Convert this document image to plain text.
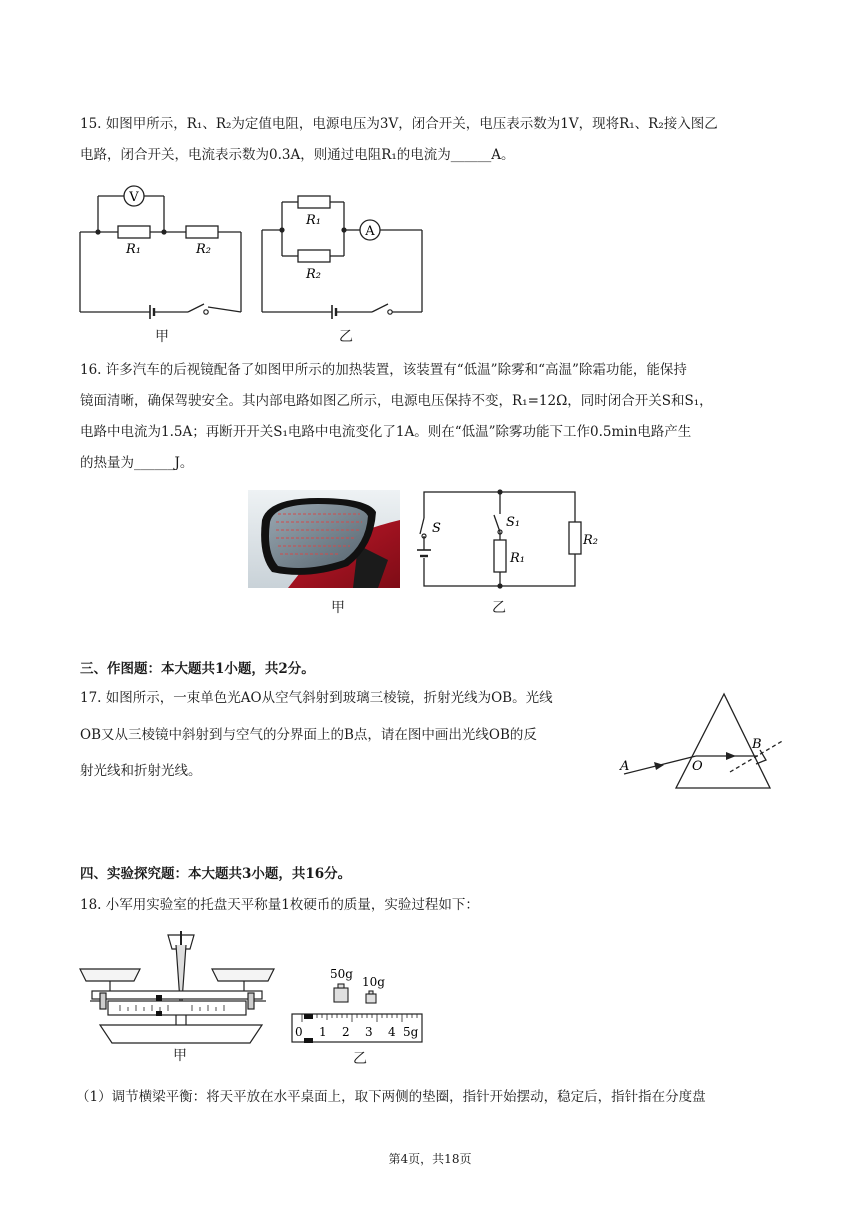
15. 如图甲所示，R₁、R₂为定值电阻，电源电压为3V，闭合开关，电压表示数为1V，现将R₁、R₂接入图乙
电路，闭合开关，电流表示数为0.3A，则通过电阻R₁的电流为______A。
V
R₁	R₂
甲
A
R₁
R₂
乙
16. 许多汽车的后视镜配备了如图甲所示的加热装置，该装置有“低温”除雾和“高温”除霜功能，能保持
镜面清晰，确保驾驶安全。其内部电路如图乙所示，电源电压保持不变，R₁=12Ω，同时闭合开关S和S₁，
电路中电流为1.5A；再断开开关S₁电路中电流变化了1A。则在“低温”除雾功能下工作0.5min电路产生
的热量为______J。
甲
S	S₁
R₁
R₂
乙
三、作图题：本大题共1小题，共2分。
17. 如图所示，一束单色光AO从空气斜射到玻璃三棱镜，折射光线为OB。光线
OB又从三棱镜中斜射到与空气的分界面上的B点，请在图中画出光线OB的反
射光线和折射光线。	A	O
B
四、实验探究题：本大题共3小题，共16分。
18. 小军用实验室的托盘天平称量1枚硬币的质量，实验过程如下：
甲
50g
10g
0 1 2 3 4 5g
乙
（1）调节横梁平衡：将天平放在水平桌面上，取下两侧的垫圈，指针开始摆动，稳定后，指针指在分度盘
第4页，共18页
